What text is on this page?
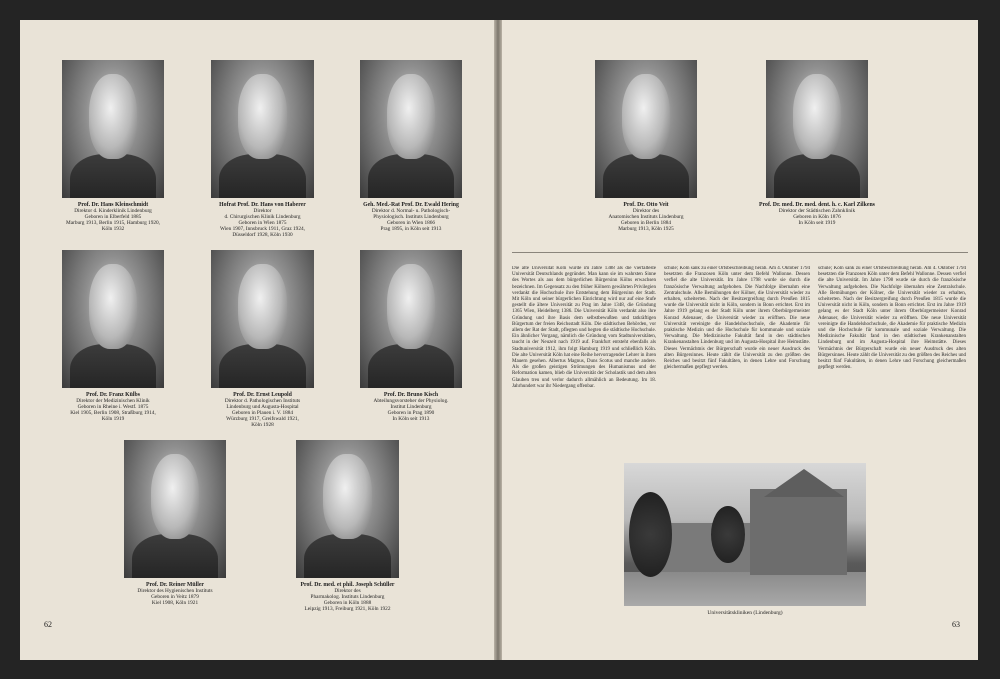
Prof. Dr. Hans Kleinschmidt
Direktor d. Kinderklinik Lindenburg
Geboren in Elberfeld 1885
Marburg 1913, Berlin 1915, Hamburg 1920,
Köln 1932
Hofrat Prof. Dr. Hans von Haberer
Direktor
d. Chirurgischen Klinik Lindenburg
Geboren in Wien 1875
Wien 1907, Innsbruck 1911, Graz 1924,
Düsseldorf 1928, Köln 1930
Geh. Med.-Rat Prof. Dr. Ewald Hering
Direktor d. Normal- u. Pathologisch-
Physiologisch. Instituts Lindenburg
Geboren in Wien 1866
Prag 1895, in Köln seit 1913
Prof. Dr. Franz Külbs
Direktor der Medizinischen Klinik
Geboren in Rheine i. Westf. 1875
Kiel 1905, Berlin 1908, Straßburg 1914,
Köln 1919
Prof. Dr. Ernst Leupold
Direktor d. Pathologischen Instituts
Lindenburg und Augusta-Hospital
Geboren in Plauen i. V. 1884
Würzburg 1917, Greifswald 1921,
Köln 1928
Prof. Dr. Bruno Kisch
Abteilungsvorsteher der Physiolog.
Institut Lindenburg
Geboren in Prag 1890
In Köln seit 1913
Prof. Dr. Reiner Müller
Direktor des Hygienischen Instituts
Geboren in Veitz 1879
Kiel 1908, Köln 1921
Prof. Dr. med. et phil. Joseph Schüller
Direktor des
Pharmakolog. Instituts Lindenburg
Geboren in Köln 1888
Leipzig 1913, Freiburg 1921, Köln 1922
62
Prof. Dr. Otto Veit
Direktor des
Anatomischen Instituts Lindenburg
Geboren in Berlin 1884
Marburg 1913, Köln 1925
Prof. Dr. med. Dr. med. dent. h. c. Karl Zilkens
Direktor der Städtischen Zahnklinik
Geboren in Köln 1876
In Köln seit 1919
Die alte Universität Köln wurde im Jahre 1388 als die viertälteste Universität Deutschlands gegründet. Man kann sie im wahrsten Sinne des Wortes als aus dem bürgerlichen Bürgersinn Kölns erwachsen bezeichnen. Im Gegensatz zu den früher Kölnern gewährten Privilegien verdankt die Hochschule ihre Entstehung dem Bürgersinn der Stadt. Mit Köln und seiner bürgerlichen Einrichtung wird nur auf eine Stufe gestellt die ältere Universität zu Prag im Jahre 1348, die Gründung 1365 Wien, Heidelberg 1386. Die Universität Köln verdankt also ihre Gründung und ihre Basis dem selbstbewußten und tatkräftigen Bürgertum der freien Reichsstadt Köln. Die städtischen Behörden, vor allem der Rat der Stadt, pflegten und hegten die städtische Hochschule. Ein ähnlicher Vorgang, nämlich die Gründung vom Stadtuniversitäten, taucht in der Neuzeit nach 1919 auf. Frankfurt entsteht ebenfalls als Stadtuniversität 1912, ihm folgt Hamburg 1919 und schließlich Köln. Die alte Universität Köln hat eine Reihe hervorragender Lehrer in ihren Mauern gesehen. Albertus Magnus, Duns Scotus und manche andere. Als die großen geistigen Strömungen des Humanismus und der Reformation kamen, blieb die Universität der Scholastik und dem alten Glauben treu und verlor dadurch allmählich an Bedeutung. Im 18. Jahrhundert war ihr Niedergang offenbar.
schule; Köln sank zu einer Ortsbeschreibung herab. Am 4. Oktober 1794 besetzten die Franzosen Köln unter dem Befehl Wallonne. Dessen verfiel die alte Universität. Im Jahre 1798 wurde sie durch die französische Verwaltung aufgehoben. Die Nachfolge übernahm eine Zentralschule. Alle Bemühungen der Kölner, die Universität wieder zu erhalten, scheiterten. Nach der Besitzergreifung durch Preußen 1815 wurde die Universität nicht in Köln, sondern in Bonn errichtet. Erst im Jahre 1919 gelang es der Stadt Köln unter ihrem Oberbürgermeister Konrad Adenauer, die Universität wieder zu eröffnen. Die neue Universität vereinigte die Handelshochschule, die Akademie für praktische Medizin und die Hochschule für kommunale und soziale Verwaltung. Die Medizinische Fakultät fand in den städtischen Krankenanstalten Lindenburg und im Augusta-Hospital ihre Heimstätte. Dieses Vermächtnis der Bürgerschaft wurde ein neuer Ausdruck des alten Bürgersinnes. Heute zählt die Universität zu den größten des Reiches und besitzt fünf Fakultäten, in denen Lehre und Forschung gleichermaßen gepflegt werden.
schule; Köln sank zu einer Ortsbeschreibung herab. Am 4. Oktober 1794 besetzten die Franzosen Köln unter dem Befehl Wallonne. Dessen verfiel die alte Universität. Im Jahre 1798 wurde sie durch die französische Verwaltung aufgehoben. Die Nachfolge übernahm eine Zentralschule. Alle Bemühungen der Kölner, die Universität wieder zu erhalten, scheiterten. Nach der Besitzergreifung durch Preußen 1815 wurde die Universität nicht in Köln, sondern in Bonn errichtet. Erst im Jahre 1919 gelang es der Stadt Köln unter ihrem Oberbürgermeister Konrad Adenauer, die Universität wieder zu eröffnen. Die neue Universität vereinigte die Handelshochschule, die Akademie für praktische Medizin und die Hochschule für kommunale und soziale Verwaltung. Die Medizinische Fakultät fand in den städtischen Krankenanstalten Lindenburg und im Augusta-Hospital ihre Heimstätte. Dieses Vermächtnis der Bürgerschaft wurde ein neuer Ausdruck des alten Bürgersinnes. Heute zählt die Universität zu den größten des Reiches und besitzt fünf Fakultäten, in denen Lehre und Forschung gleichermaßen gepflegt werden.
Universitätskliniken (Lindenburg)
63
